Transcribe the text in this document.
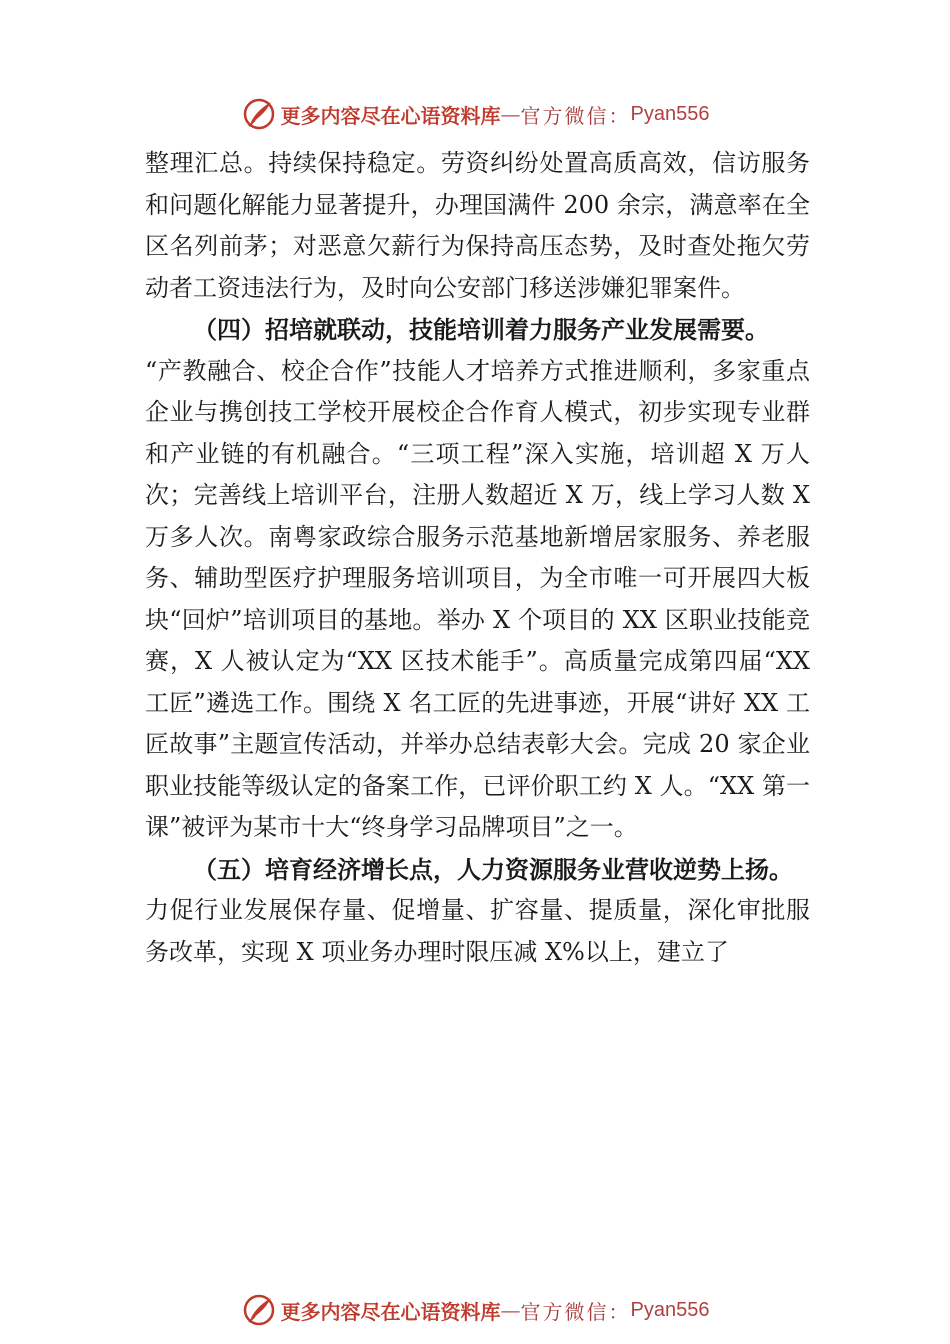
更多内容尽在心语资料库 — 官方微信： Pyan556

整理汇总。持续保持稳定。劳资纠纷处置高质高效，信访服务和问题化解能力显著提升，办理国满件 200 余宗，满意率在全区名列前茅；对恶意欠薪行为保持高压态势，及时查处拖欠劳动者工资违法行为，及时向公安部门移送涉嫌犯罪案件。

（四）招培就联动，技能培训着力服务产业发展需要。

“产教融合、校企合作”技能人才培养方式推进顺利，多家重点企业与携创技工学校开展校企合作育人模式，初步实现专业群和产业链的有机融合。“三项工程”深入实施，培训超 X 万人次；完善线上培训平台，注册人数超近 X 万，线上学习人数 X 万多人次。南粤家政综合服务示范基地新增居家服务、养老服务、辅助型医疗护理服务培训项目，为全市唯一可开展四大板块“回炉”培训项目的基地。举办 X 个项目的 XX 区职业技能竞赛，X 人被认定为“XX 区技术能手”。高质量完成第四届“XX 工匠”遴选工作。围绕 X 名工匠的先进事迹，开展“讲好 XX 工匠故事”主题宣传活动，并举办总结表彰大会。完成 20 家企业职业技能等级认定的备案工作，已评价职工约 X 人。“XX 第一课”被评为某市十大“终身学习品牌项目”之一。

（五）培育经济增长点，人力资源服务业营收逆势上扬。

力促行业发展保存量、促增量、扩容量、提质量，深化审批服务改革，实现 X 项业务办理时限压减 X%以上，建立了

更多内容尽在心语资料库 — 官方微信： Pyan556
